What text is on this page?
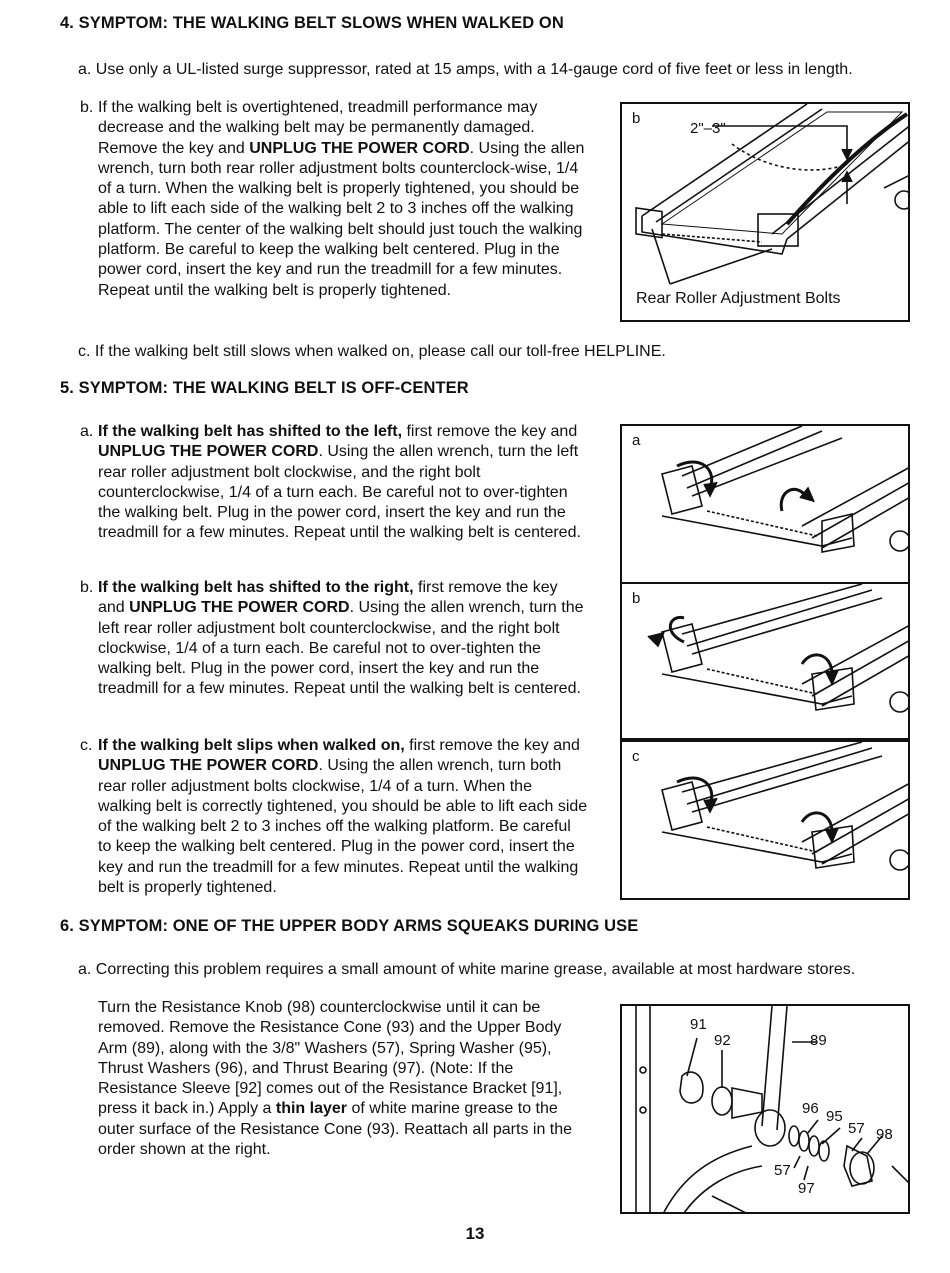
4. SYMPTOM: THE WALKING BELT SLOWS WHEN WALKED ON
a. Use only a UL-listed surge suppressor, rated at 15 amps, with a 14-gauge cord of five feet or less in length.
b. If the walking belt is overtightened, treadmill performance may decrease and the walking belt may be permanently damaged. Remove the key and UNPLUG THE POWER CORD. Using the allen wrench, turn both rear roller adjustment bolts counterclock-wise, 1/4 of a turn. When the walking belt is properly tightened, you should be able to lift each side of the walking belt 2 to 3 inches off the walking platform. The center of the walking belt should just touch the walking platform. Be careful to keep the walking belt centered. Plug in the power cord, insert the key and run the treadmill for a few minutes. Repeat until the walking belt is properly tightened.

c. If the walking belt still slows when walked on, please call our toll-free HELPLINE.
b
2"–3"
Rear Roller Adjustment Bolts
5. SYMPTOM: THE WALKING BELT IS OFF-CENTER
a. If the walking belt has shifted to the left, first remove the key and UNPLUG THE POWER CORD. Using the allen wrench, turn the left rear roller adjustment bolt clockwise, and the right bolt counterclockwise, 1/4 of a turn each. Be careful not to over-tighten the walking belt. Plug in the power cord, insert the key and run the treadmill for a few minutes. Repeat until the walking belt is centered.

b. If the walking belt has shifted to the right, first remove the key and UNPLUG THE POWER CORD. Using the allen wrench, turn the left rear roller adjustment bolt counterclockwise, and the right bolt clockwise, 1/4 of a turn each. Be careful not to over-tighten the walking belt. Plug in the power cord, insert the key and run the treadmill for a few minutes. Repeat until the walking belt is centered.

c. If the walking belt slips when walked on, first remove the key and UNPLUG THE POWER CORD. Using the allen wrench, turn both rear roller adjustment bolts clockwise, 1/4 of a turn. When the walking belt is correctly tightened, you should be able to lift each side of the walking belt 2 to 3 inches off the walking platform. Be careful to keep the walking belt centered. Plug in the power cord, insert the key and run the treadmill for a few minutes. Repeat until the walking belt is properly tightened.

a
b
c
6. SYMPTOM: ONE OF THE UPPER BODY ARMS SQUEAKS DURING USE
a. Correcting this problem requires a small amount of white marine grease, available at most hardware stores.

Turn the Resistance Knob (98) counterclockwise until it can be removed. Remove the Resistance Cone (93) and the Upper Body Arm (89), along with the 3/8" Washers (57), Spring Washer (95), Thrust Washers (96), and Thrust Bearing (97). (Note: If the Resistance Sleeve [92] comes out of the Resistance Bracket [91], press it back in.) Apply a thin layer of white marine grease to the outer surface of the Resistance Cone (93). Reattach all parts in the order shown at the right.

91
92	89
96 95
57 98
57
97
13
